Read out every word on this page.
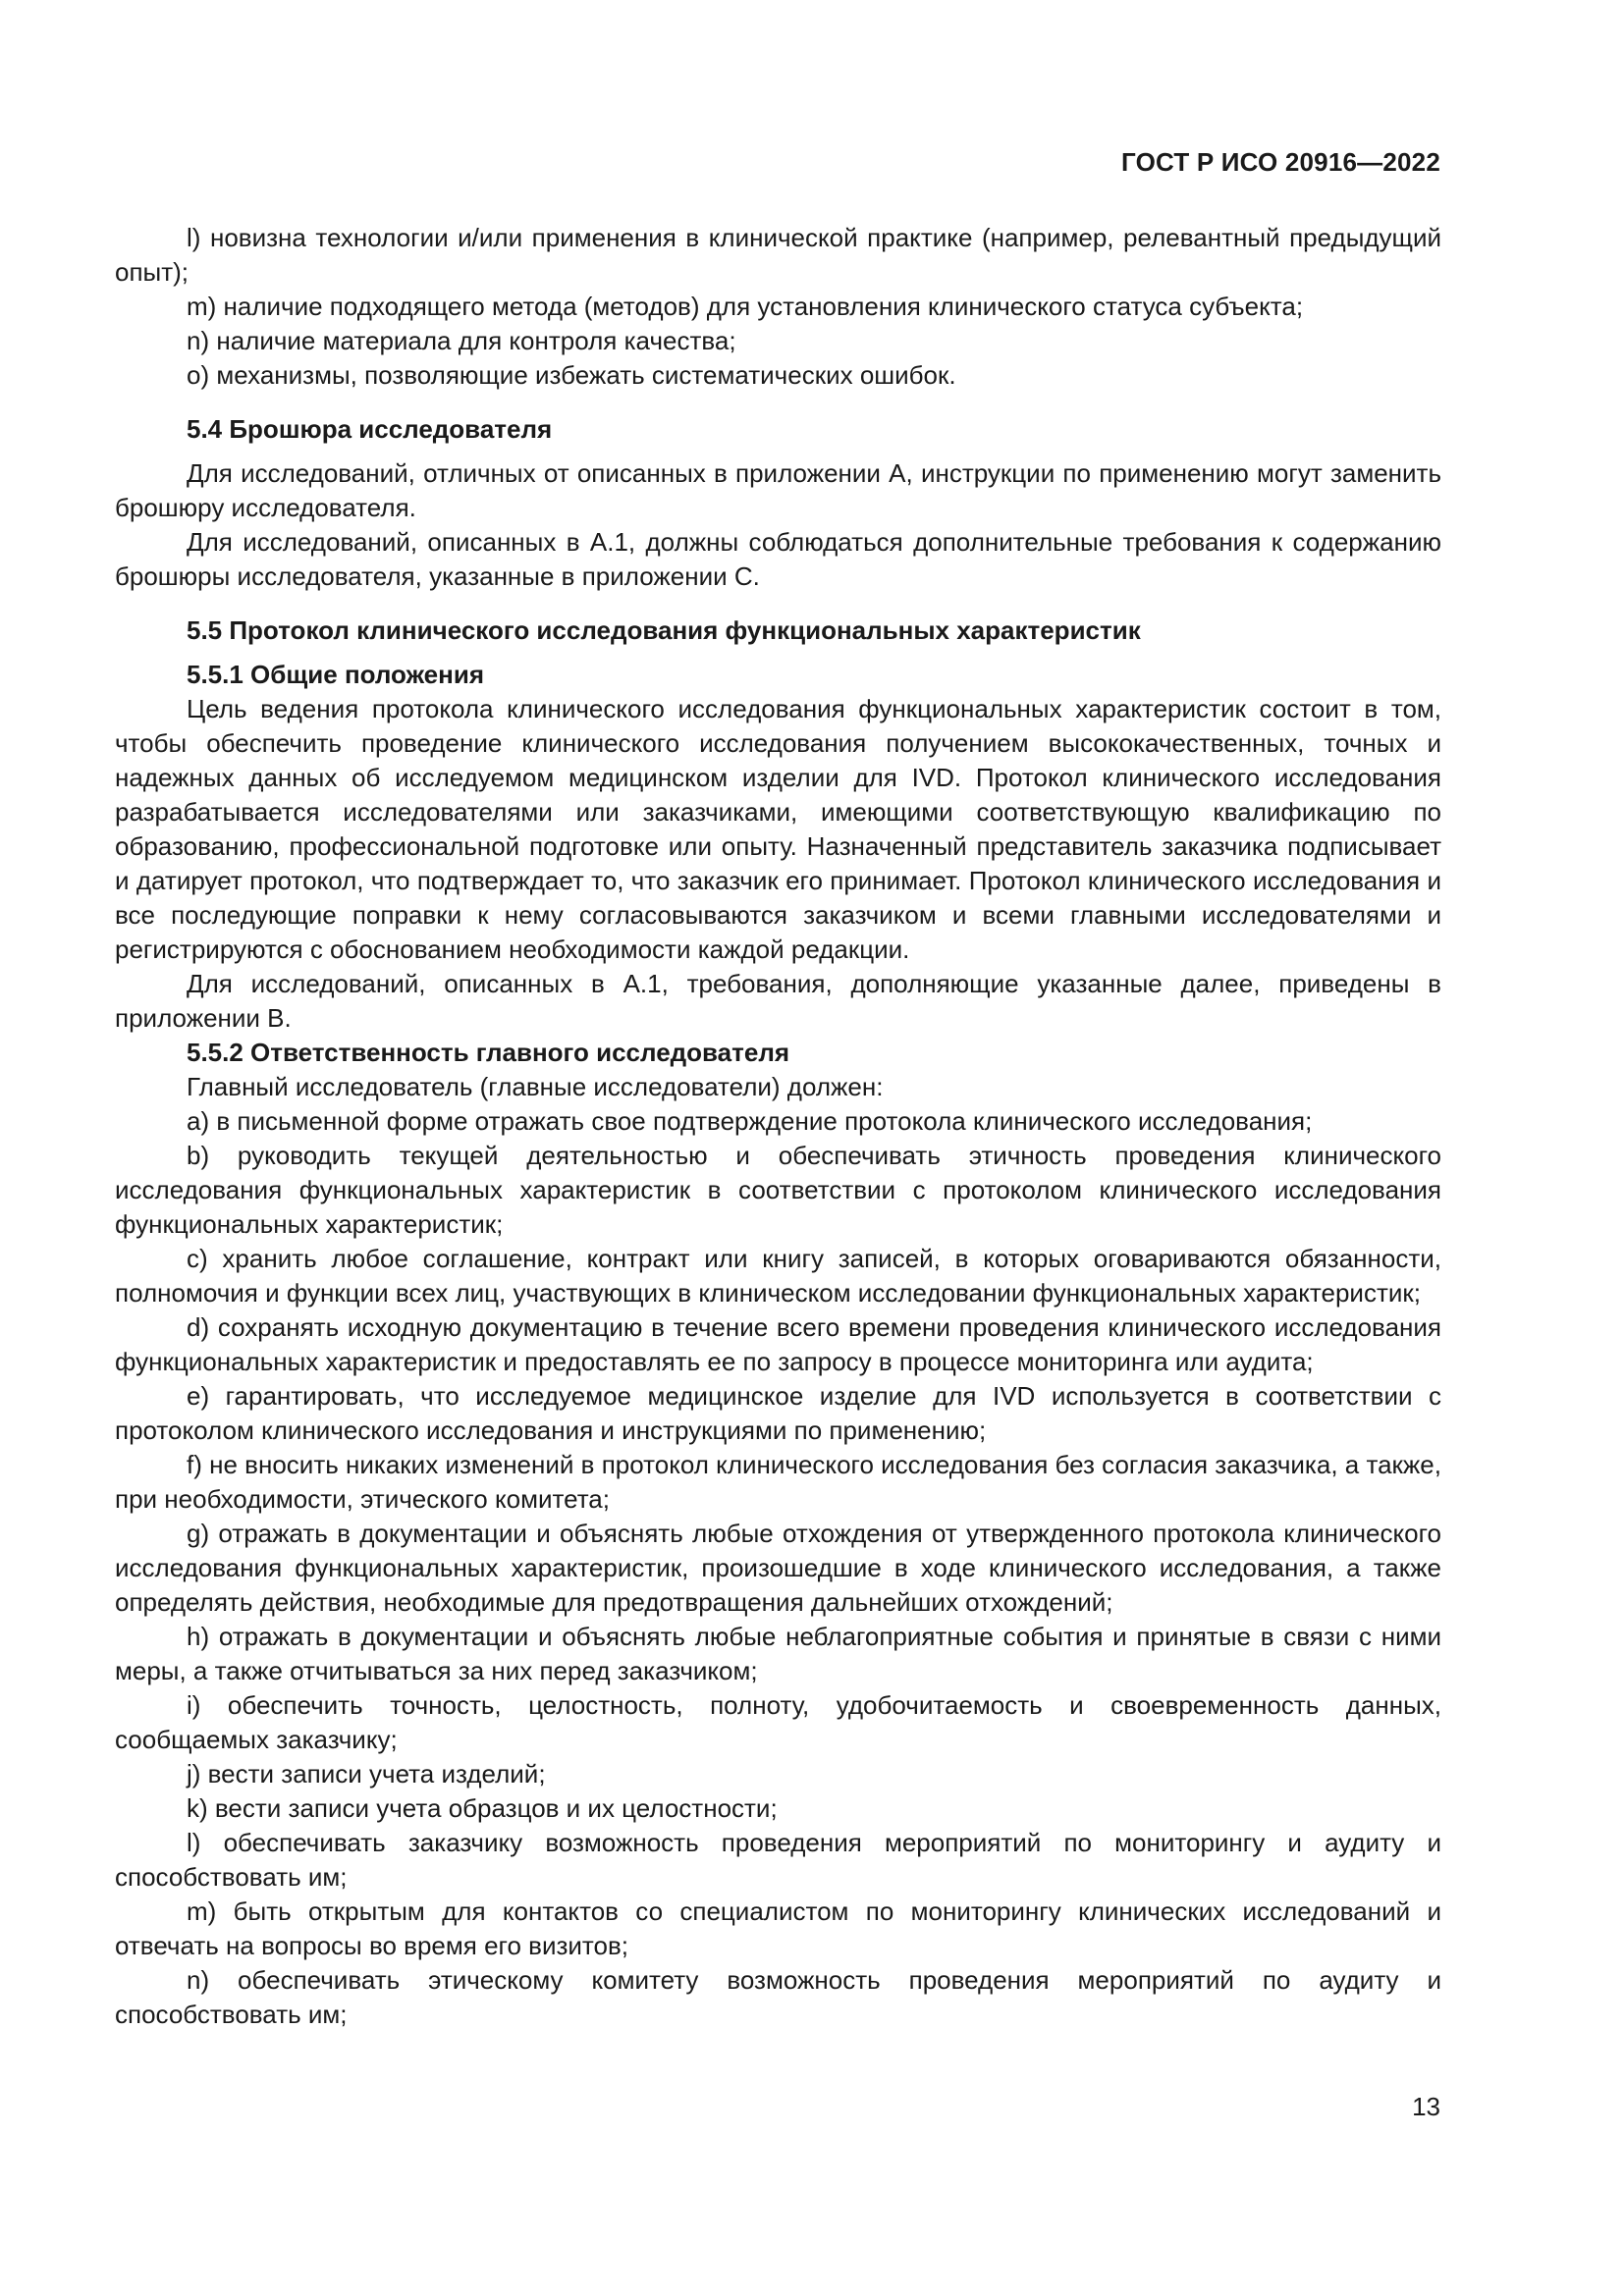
ГОСТ Р ИСО 20916—2022

l) новизна технологии и/или применения в клинической практике (например, релевантный предыдущий опыт);

m) наличие подходящего метода (методов) для установления клинического статуса субъекта;

n) наличие материала для контроля качества;

o) механизмы, позволяющие избежать систематических ошибок.

5.4 Брошюра исследователя

Для исследований, отличных от описанных в приложении А, инструкции по применению могут заменить брошюру исследователя.

Для исследований, описанных в А.1, должны соблюдаться дополнительные требования к содержанию брошюры исследователя, указанные в приложении С.

5.5 Протокол клинического исследования функциональных характеристик
5.5.1 Общие положения

Цель ведения протокола клинического исследования функциональных характеристик состоит в том, чтобы обеспечить проведение клинического исследования получением высококачественных, точных и надежных данных об исследуемом медицинском изделии для IVD. Протокол клинического исследования разрабатывается исследователями или заказчиками, имеющими соответствующую квалификацию по образованию, профессиональной подготовке или опыту. Назначенный представитель заказчика подписывает и датирует протокол, что подтверждает то, что заказчик его принимает. Протокол клинического исследования и все последующие поправки к нему согласовываются заказчиком и всеми главными исследователями и регистрируются с обоснованием необходимости каждой редакции.

Для исследований, описанных в А.1, требования, дополняющие указанные далее, приведены в приложении В.

5.5.2 Ответственность главного исследователя

Главный исследователь (главные исследователи) должен:

a) в письменной форме отражать свое подтверждение протокола клинического исследования;

b) руководить текущей деятельностью и обеспечивать этичность проведения клинического исследования функциональных характеристик в соответствии с протоколом клинического исследования функциональных характеристик;

c) хранить любое соглашение, контракт или книгу записей, в которых оговариваются обязанности, полномочия и функции всех лиц, участвующих в клиническом исследовании функциональных характеристик;

d) сохранять исходную документацию в течение всего времени проведения клинического исследования функциональных характеристик и предоставлять ее по запросу в процессе мониторинга или аудита;

e) гарантировать, что исследуемое медицинское изделие для IVD используется в соответствии с протоколом клинического исследования и инструкциями по применению;

f) не вносить никаких изменений в протокол клинического исследования без согласия заказчика, а также, при необходимости, этического комитета;

g) отражать в документации и объяснять любые отхождения от утвержденного протокола клинического исследования функциональных характеристик, произошедшие в ходе клинического исследования, а также определять действия, необходимые для предотвращения дальнейших отхождений;

h) отражать в документации и объяснять любые неблагоприятные события и принятые в связи с ними меры, а также отчитываться за них перед заказчиком;

i) обеспечить точность, целостность, полноту, удобочитаемость и своевременность данных, сообщаемых заказчику;

j) вести записи учета изделий;

k) вести записи учета образцов и их целостности;

l) обеспечивать заказчику возможность проведения мероприятий по мониторингу и аудиту и способствовать им;

m) быть открытым для контактов со специалистом по мониторингу клинических исследований и отвечать на вопросы во время его визитов;

n) обеспечивать этическому комитету возможность проведения мероприятий по аудиту и способствовать им;

13
